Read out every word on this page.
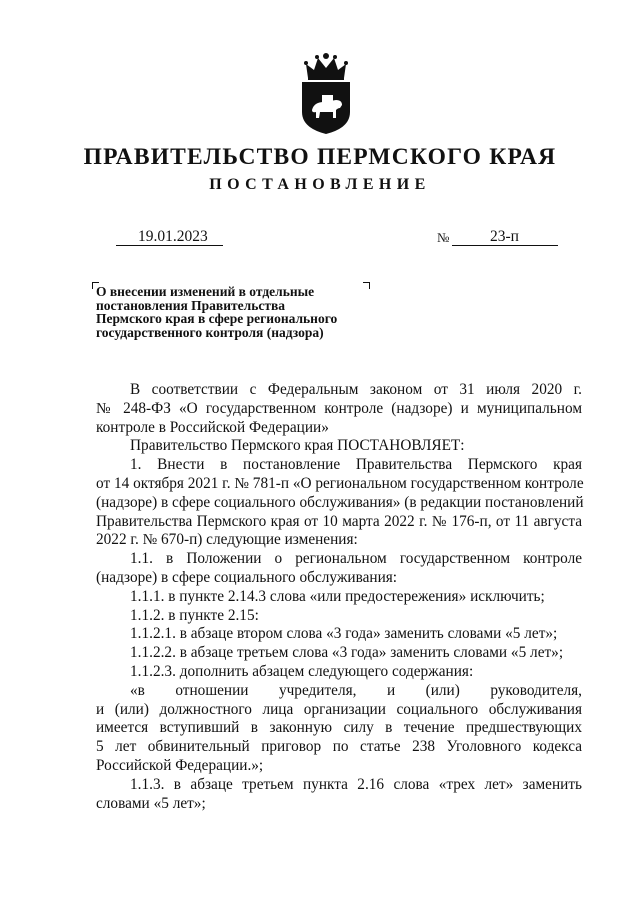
ПРАВИТЕЛЬСТВО ПЕРМСКОГО КРАЯ
ПОСТАНОВЛЕНИЕ
19.01.2023	№	23-п
О внесении изменений в отдельные
постановления Правительства
Пермского края в сфере регионального
государственного контроля (надзора)
В соответствии с Федеральным законом от 31 июля 2020 г.
№ 248-ФЗ «О государственном контроле (надзоре) и муниципальном
контроле в Российской Федерации»
Правительство Пермского края ПОСТАНОВЛЯЕТ:
1. Внести в постановление Правительства Пермского края
от 14 октября 2021 г. № 781-п «О региональном государственном контроле
(надзоре) в сфере социального обслуживания» (в редакции постановлений
Правительства Пермского края от 10 марта 2022 г. № 176-п, от 11 августа
2022 г. № 670-п) следующие изменения:
1.1. в Положении о региональном государственном контроле
(надзоре) в сфере социального обслуживания:
1.1.1. в пункте 2.14.3 слова «или предостережения» исключить;
1.1.2. в пункте 2.15:
1.1.2.1. в абзаце втором слова «3 года» заменить словами «5 лет»;
1.1.2.2. в абзаце третьем слова «3 года» заменить словами «5 лет»;
1.1.2.3. дополнить абзацем следующего содержания:
«в отношении учредителя, и (или) руководителя,
и (или) должностного лица организации социального обслуживания
имеется вступивший в законную силу в течение предшествующих
5 лет обвинительный приговор по статье 238 Уголовного кодекса
Российской Федерации.»;
1.1.3. в абзаце третьем пункта 2.16 слова «трех лет» заменить
словами «5 лет»;
